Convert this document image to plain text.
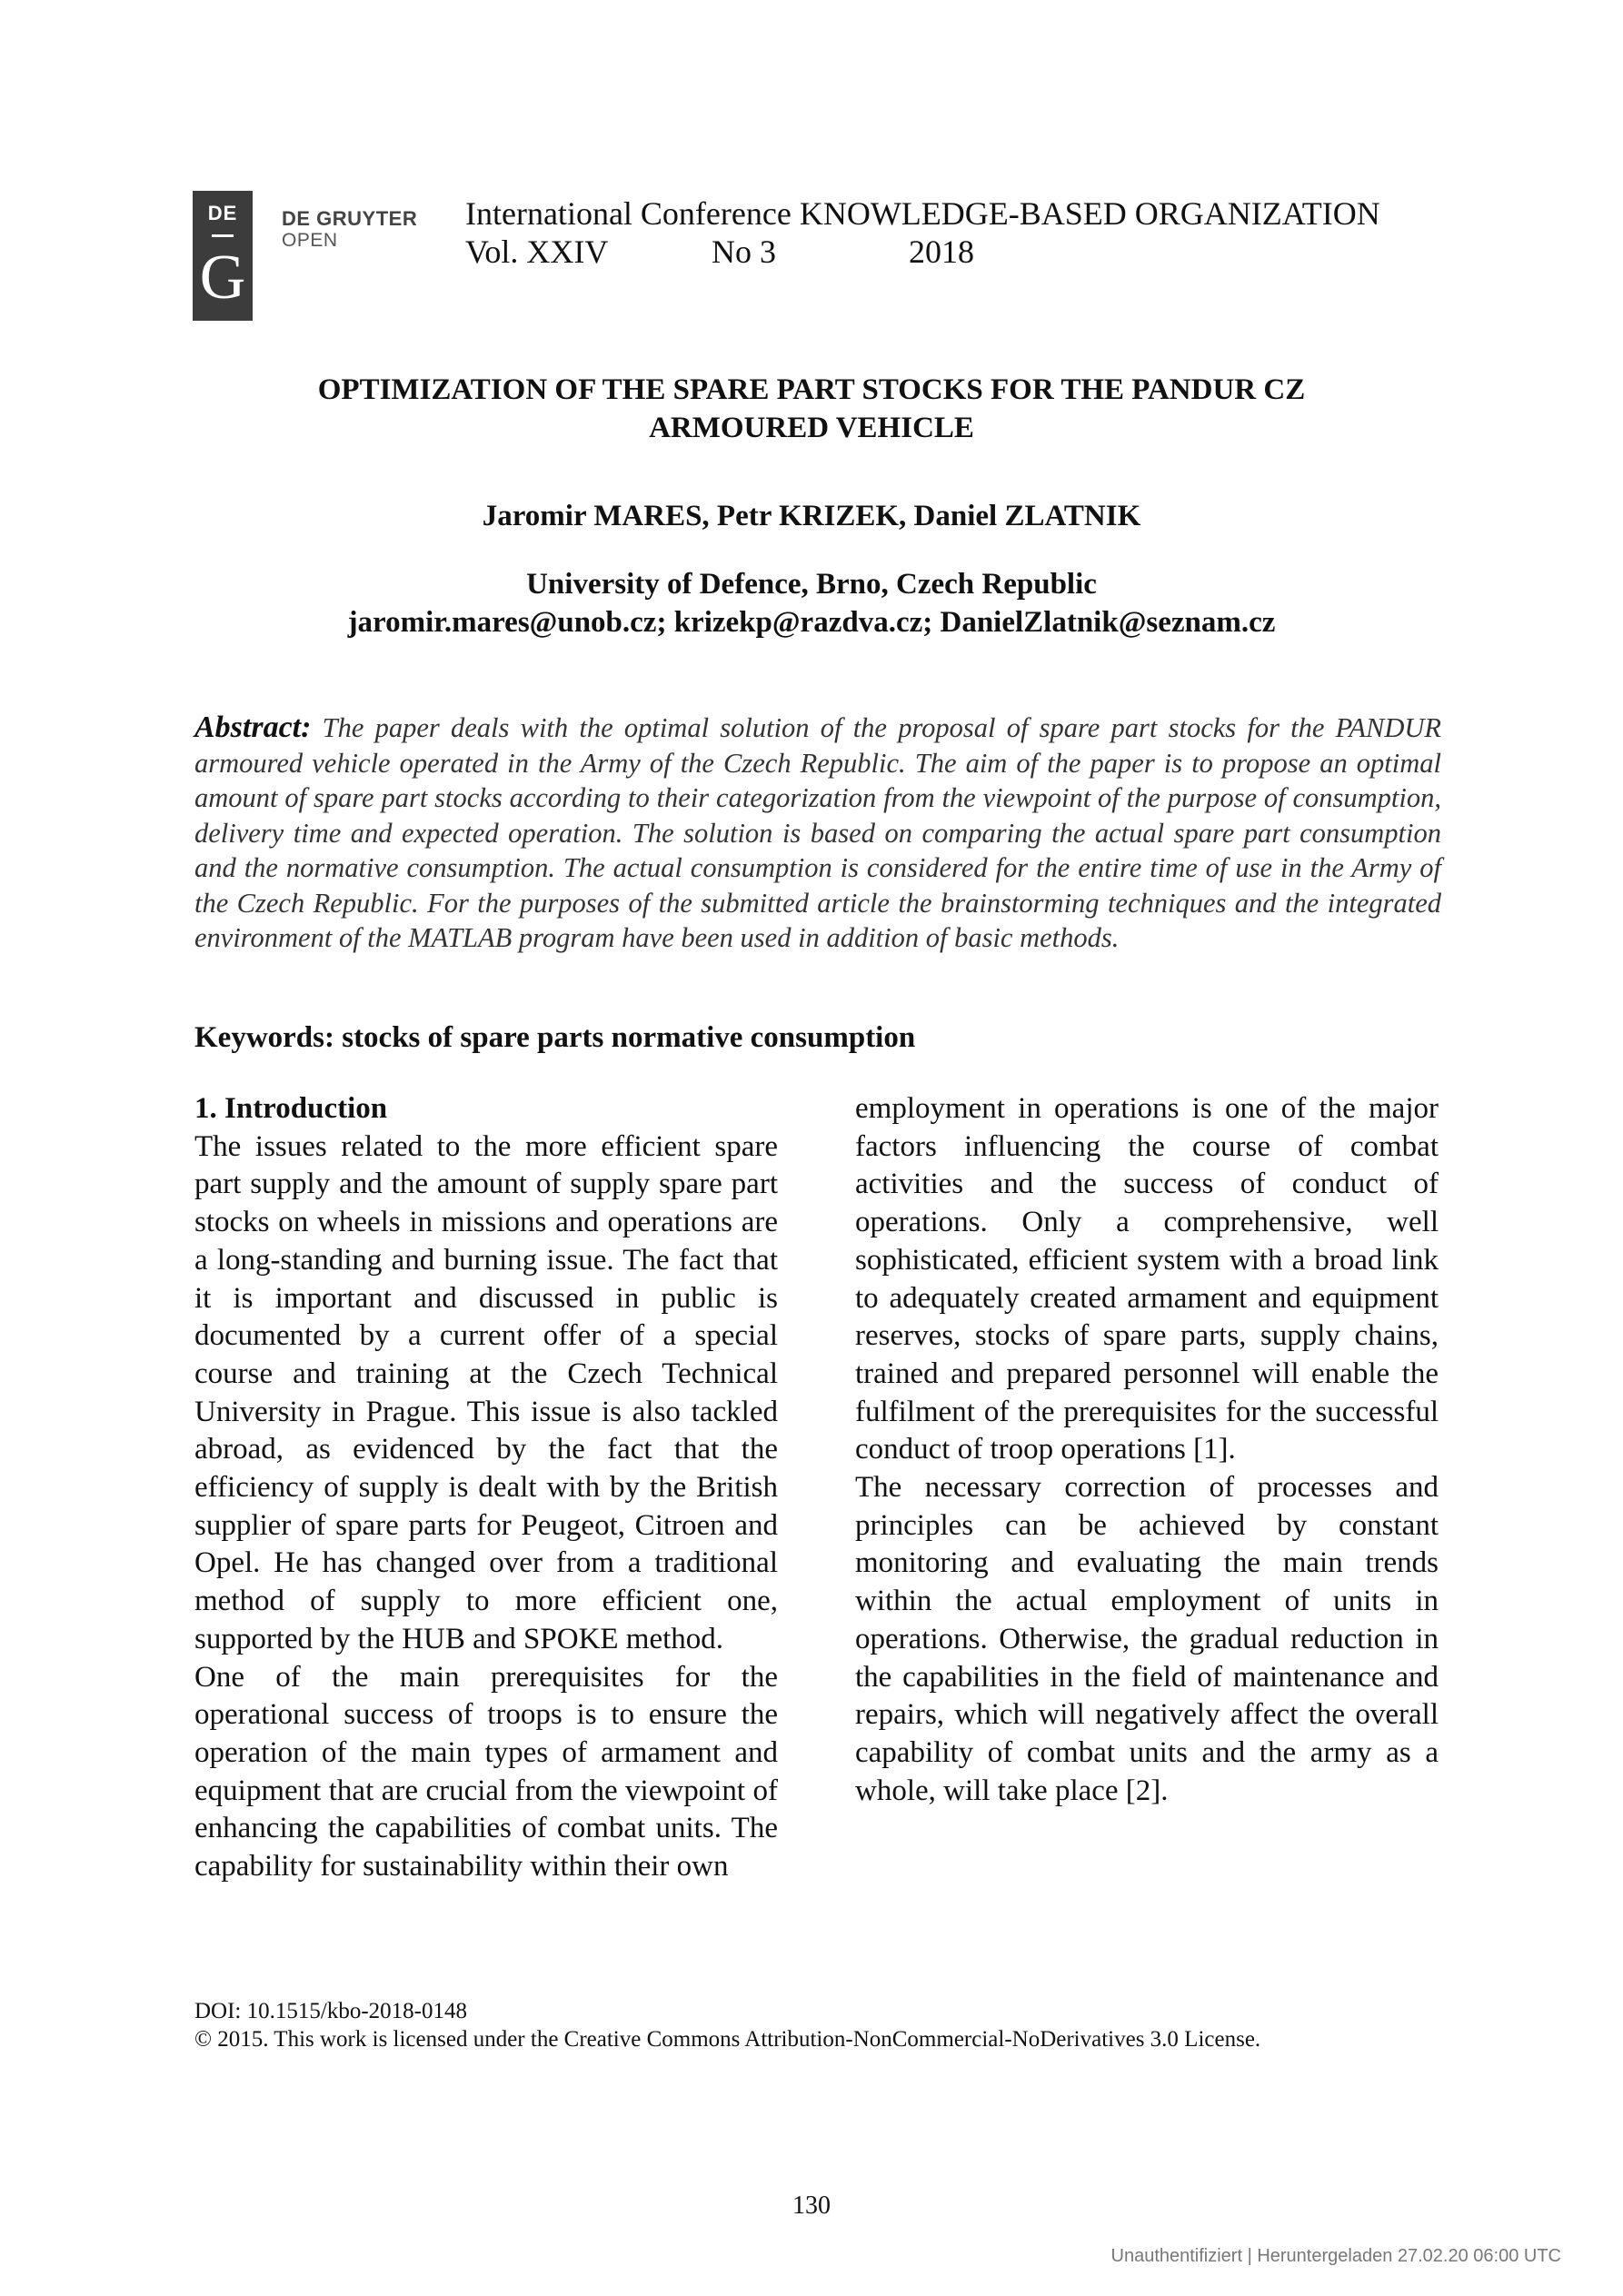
DE
G
DE GRUYTER
OPEN
International Conference KNOWLEDGE-BASED ORGANIZATION
Vol. XXIV	No 3	2018
OPTIMIZATION OF THE SPARE PART STOCKS FOR THE PANDUR CZ
ARMOURED VEHICLE
Jaromir MARES, Petr KRIZEK, Daniel ZLATNIK
University of Defence, Brno, Czech Republic
jaromir.mares@unob.cz; krizekp@razdva.cz; DanielZlatnik@seznam.cz
Abstract: The paper deals with the optimal solution of the proposal of spare part stocks for the PANDUR armoured vehicle operated in the Army of the Czech Republic. The aim of the paper is to propose an optimal amount of spare part stocks according to their categorization from the viewpoint of the purpose of consumption, delivery time and expected operation. The solution is based on comparing the actual spare part consumption and the normative consumption. The actual consumption is considered for the entire time of use in the Army of the Czech Republic. For the purposes of the submitted article the brainstorming techniques and the integrated environment of the MATLAB program have been used in addition of basic methods.
Keywords: stocks of spare parts normative consumption

1. Introduction

The issues related to the more efficient spare part supply and the amount of supply spare part stocks on wheels in missions and operations are a long-standing and burning issue. The fact that it is important and discussed in public is documented by a current offer of a special course and training at the Czech Technical University in Prague. This issue is also tackled abroad, as evidenced by the fact that the efficiency of supply is dealt with by the British supplier of spare parts for Peugeot, Citroen and Opel. He has changed over from a traditional method of supply to more efficient one, supported by the HUB and SPOKE method.

One of the main prerequisites for the operational success of troops is to ensure the operation of the main types of armament and equipment that are crucial from the viewpoint of enhancing the capabilities of combat units. The capability for sustainability within their own

employment in operations is one of the major factors influencing the course of combat activities and the success of conduct of operations. Only a comprehensive, well sophisticated, efficient system with a broad link to adequately created armament and equipment reserves, stocks of spare parts, supply chains, trained and prepared personnel will enable the fulfilment of the prerequisites for the successful conduct of troop operations [1].

The necessary correction of processes and principles can be achieved by constant monitoring and evaluating the main trends within the actual employment of units in operations. Otherwise, the gradual reduction in the capabilities in the field of maintenance and repairs, which will negatively affect the overall capability of combat units and the army as a whole, will take place [2].

DOI: 10.1515/kbo-2018-0148
© 2015. This work is licensed under the Creative Commons Attribution-NonCommercial-NoDerivatives 3.0 License.
130
Unauthentifiziert | Heruntergeladen 27.02.20 06:00 UTC
